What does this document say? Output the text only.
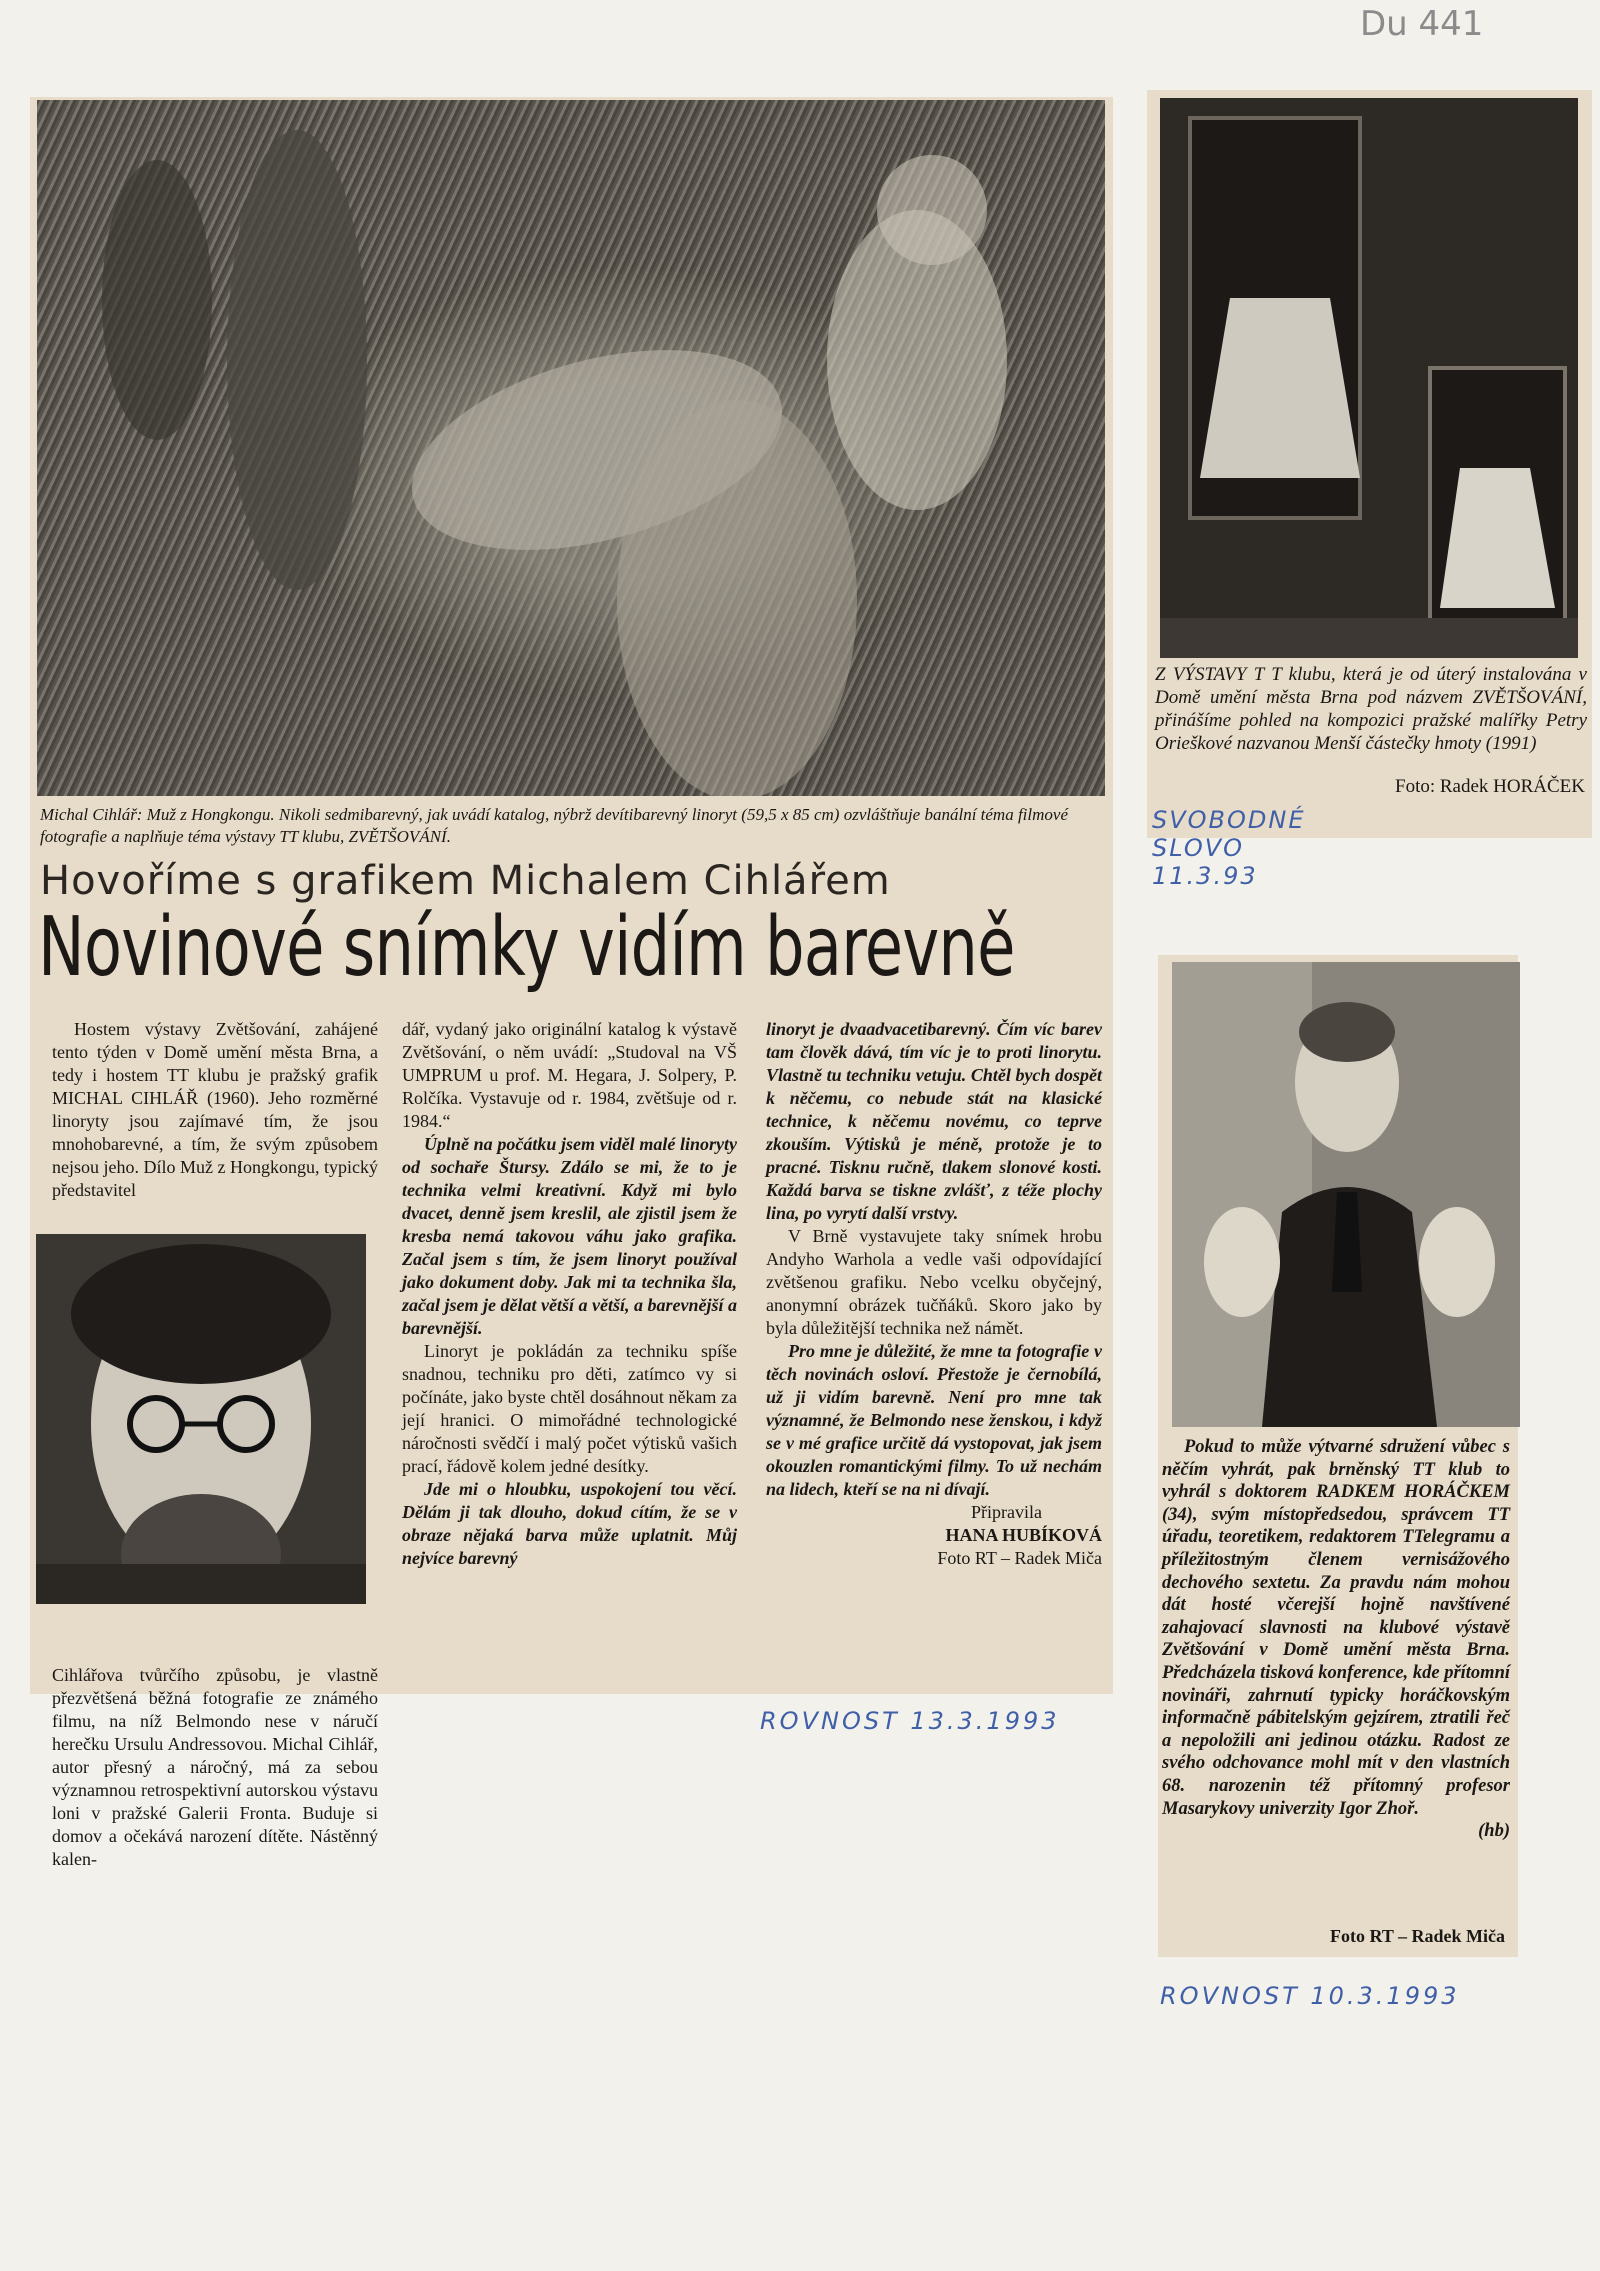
Du 441
Michal Cihlář: Muž z Hongkongu. Nikoli sedmibarevný, jak uvádí katalog, nýbrž devítibarevný linoryt (59,5 x 85 cm) ozvláštňuje banální téma filmové fotografie a naplňuje téma výstavy TT klubu, ZVĚTŠOVÁNÍ.
Hovoříme s grafikem Michalem Cihlářem
Novinové snímky vidím barevně

Hostem výstavy Zvětšování, zahájené tento týden v Domě umění města Brna, a tedy i hostem TT klubu je pražský grafik MICHAL CIHLÁŘ (1960). Jeho rozměrné linoryty jsou zajímavé tím, že jsou mnohobarevné, a tím, že svým způsobem nejsou jeho. Dílo Muž z Hongkongu, typický představitel

Cihlářova tvůrčího způsobu, je vlastně přezvětšená běžná fotografie ze známého filmu, na níž Belmondo nese v náručí herečku Ursulu Andressovou. Michal Cihlář, autor přesný a náročný, má za sebou významnou retrospektivní autorskou výstavu loni v pražské Galerii Fronta. Buduje si domov a očekává narození dítěte. Nástěnný kalen-

dář, vydaný jako originální katalog k výstavě Zvětšování, o něm uvádí: „Studoval na VŠ UMPRUM u prof. M. Hegara, J. Solpery, P. Rolčíka. Vystavuje od r. 1984, zvětšuje od r. 1984.“

Úplně na počátku jsem viděl malé linoryty od sochaře Štursy. Zdálo se mi, že to je technika velmi kreativní. Když mi bylo dvacet, denně jsem kreslil, ale zjistil jsem že kresba nemá takovou váhu jako grafika. Začal jsem s tím, že jsem linoryt používal jako dokument doby. Jak mi ta technika šla, začal jsem je dělat větší a větší, a barevnější a barevnější.

Linoryt je pokládán za techniku spíše snadnou, techniku pro děti, zatímco vy si počínáte, jako byste chtěl dosáhnout někam za její hranici. O mimořádné technologické náročnosti svědčí i malý počet výtisků vašich prací, řádově kolem jedné desítky.

Jde mi o hloubku, uspokojení tou věcí. Dělám ji tak dlouho, dokud cítím, že se v obraze nějaká barva může uplatnit. Můj nejvíce barevný

linoryt je dvaadvacetibarevný. Čím víc barev tam člověk dává, tím víc je to proti linorytu. Vlastně tu techniku vetuju. Chtěl bych dospět k něčemu, co nebude stát na klasické technice, k něčemu novému, co teprve zkouším. Výtisků je méně, protože je to pracné. Tisknu ručně, tlakem slonové kosti. Každá barva se tiskne zvlášť, z téže plochy lina, po vyrytí další vrstvy.

V Brně vystavujete taky snímek hrobu Andyho Warhola a vedle vaši odpovídající zvětšenou grafiku. Nebo vcelku obyčejný, anonymní obrázek tučňáků. Skoro jako by byla důležitější technika než námět.

Pro mne je důležité, že mne ta fotografie v těch novinách osloví. Přestože je černobílá, už ji vidím barevně. Není pro mne tak významné, že Belmondo nese ženskou, i když se v mé grafice určitě dá vystopovat, jak jsem okouzlen romantickými filmy. To už nechám na lidech, kteří se na ni dívají.

Připravila

HANA HUBÍKOVÁ

Foto RT – Radek Miča

ROVNOST 13.3.1993
Z VÝSTAVY T T klubu, která je od úterý instalována v Domě umění města Brna pod názvem ZVĚTŠOVÁNÍ, přinášíme pohled na kompozici pražské malířky Petry Orieškové nazvanou Menší částečky hmoty (1991)
Foto: Radek HORÁČEK
SVOBODNÉ
SLOVO
11.3.93

Pokud to může výtvarné sdružení vůbec s něčím vyhrát, pak brněnský TT klub to vyhrál s doktorem RADKEM HORÁČKEM (34), svým místopředsedou, správcem TT úřadu, teoretikem, redaktorem TTelegramu a příležitostným členem vernisážového dechového sextetu. Za pravdu nám mohou dát hosté včerejší hojně navštívené zahajovací slavnosti na klubové výstavě Zvětšování v Domě umění města Brna. Předcházela tisková konference, kde přítomní novináři, zahrnutí typicky horáčkovským informačně pábitelským gejzírem, ztratili řeč a nepoložili ani jedinou otázku. Radost ze svého odchovance mohl mít v den vlastních 68. narozenin též přítomný profesor Masarykovy univerzity Igor Zhoř.

(hb)

Foto RT – Radek Miča
ROVNOST 10.3.1993
